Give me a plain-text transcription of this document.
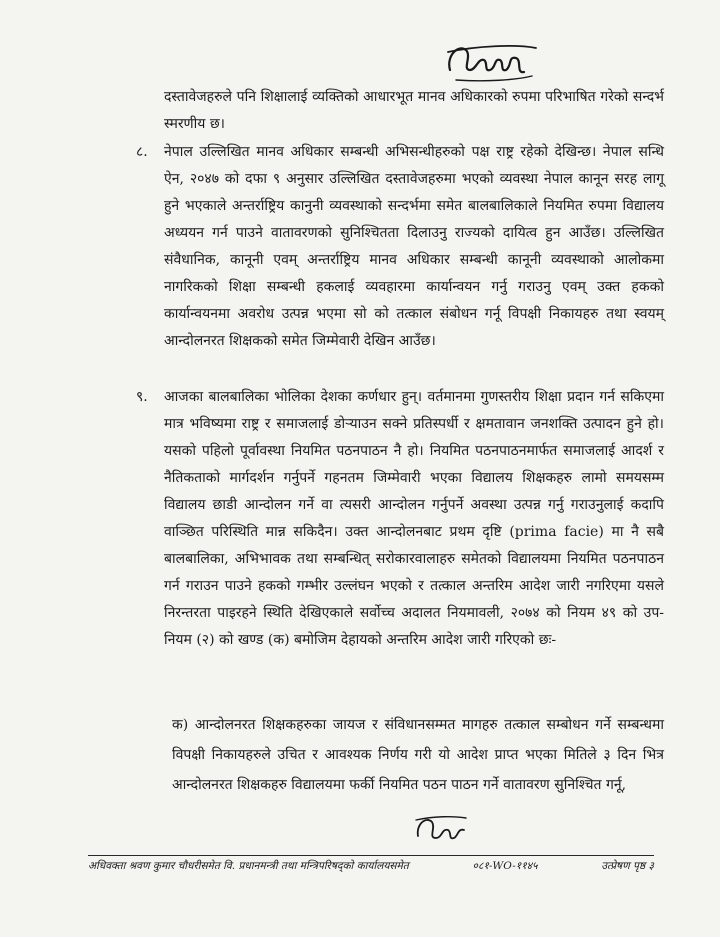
दस्तावेजहरुले पनि शिक्षालाई व्यक्तिको आधारभूत मानव अधिकारको रुपमा परिभाषित गरेको सन्दर्भ स्मरणीय छ।

८. नेपाल उल्लिखित मानव अधिकार सम्बन्धी अभिसन्धीहरुको पक्ष राष्ट्र रहेको देखिन्छ। नेपाल सन्धि ऐन, २०४७ को दफा ९ अनुसार उल्लिखित दस्तावेजहरुमा भएको व्यवस्था नेपाल कानून सरह लागू हुने भएकाले अन्तर्राष्ट्रिय कानुनी व्यवस्थाको सन्दर्भमा समेत बालबालिकाले नियमित रुपमा विद्यालय अध्ययन गर्न पाउने वातावरणको सुनिश्चितता दिलाउनु राज्यको दायित्व हुन आउँछ। उल्लिखित संवैधानिक, कानूनी एवम् अन्तर्राष्ट्रिय मानव अधिकार सम्बन्धी कानूनी व्यवस्थाको आलोकमा नागरिकको शिक्षा सम्बन्धी हकलाई व्यवहारमा कार्यान्वयन गर्नु गराउनु एवम् उक्त हकको कार्यान्वयनमा अवरोध उत्पन्न भएमा सो को तत्काल संबोधन गर्नू विपक्षी निकायहरु तथा स्वयम् आन्दोलनरत शिक्षकको समेत जिम्मेवारी देखिन आउँछ।

९. आजका बालबालिका भोलिका देशका कर्णधार हुन्। वर्तमानमा गुणस्तरीय शिक्षा प्रदान गर्न सकिएमा मात्र भविष्यमा राष्ट्र र समाजलाई डोऱ्याउन सक्ने प्रतिस्पर्धी र क्षमतावान जनशक्ति उत्पादन हुने हो। यसको पहिलो पूर्वावस्था नियमित पठनपाठन नै हो। नियमित पठनपाठनमार्फत समाजलाई आदर्श र नैतिकताको मार्गदर्शन गर्नुपर्ने गहनतम जिम्मेवारी भएका विद्यालय शिक्षकहरु लामो समयसम्म विद्यालय छाडी आन्दोलन गर्ने वा त्यसरी आन्दोलन गर्नुपर्ने अवस्था उत्पन्न गर्नु गराउनुलाई कदापि वाञ्छित परिस्थिति मान्न सकिदैन। उक्त आन्दोलनबाट प्रथम दृष्टि (prima facie) मा नै सबै बालबालिका, अभिभावक तथा सम्बन्धित् सरोकारवालाहरु समेतको विद्यालयमा नियमित पठनपाठन गर्न गराउन पाउने हकको गम्भीर उल्लंघन भएको र तत्काल अन्तरिम आदेश जारी नगरिएमा यसले निरन्तरता पाइरहने स्थिति देखिएकाले सर्वोच्च अदालत नियमावली, २०७४ को नियम ४९ को उप-नियम (२) को खण्ड (क) बमोजिम देहायको अन्तरिम आदेश जारी गरिएको छः-

क) आन्दोलनरत शिक्षकहरुका जायज र संविधानसम्मत मागहरु तत्काल सम्बोधन गर्ने सम्बन्धमा विपक्षी निकायहरुले उचित र आवश्यक निर्णय गरी यो आदेश प्राप्त भएका मितिले ३ दिन भित्र आन्दोलनरत शिक्षकहरु विद्यालयमा फर्की नियमित पठन पाठन गर्ने वातावरण सुनिश्चित गर्नू,

अधिवक्ता श्रवण कुमार चौधरीसमेत वि. प्रधानमन्त्री तथा मन्त्रिपरिषद्को कार्यालयसमेत	०८१-WO-११४५	उत्प्रेषण पृष्ठ ३
